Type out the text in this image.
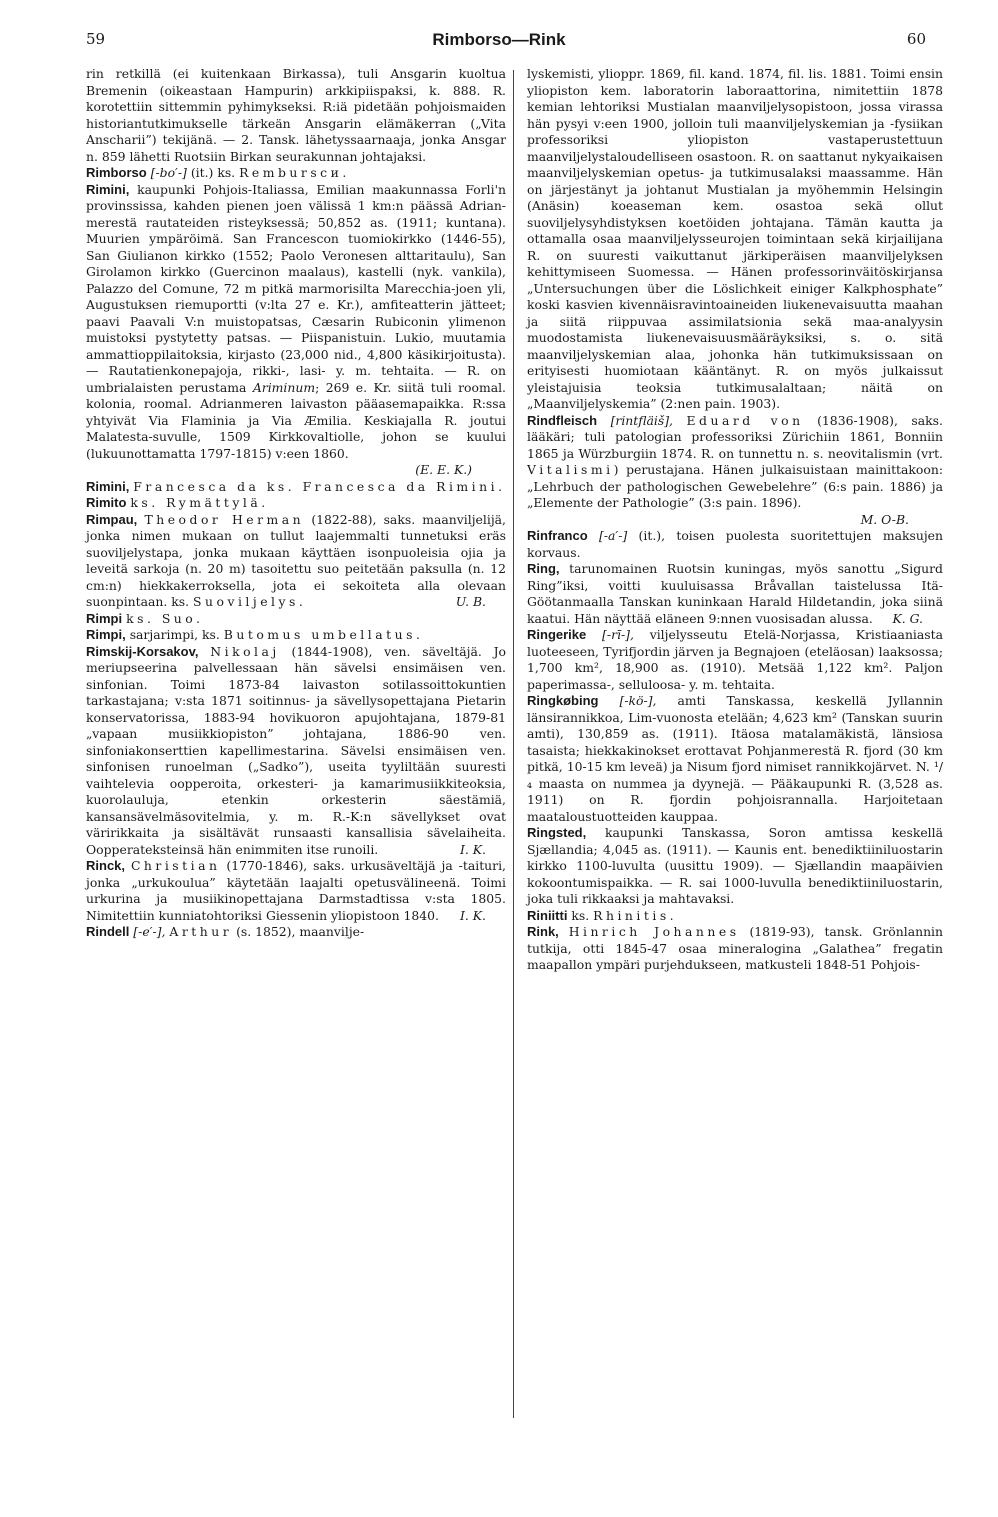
59	Rimborso—Rink	60

rin retkillä (ei kuitenkaan Birkassa), tuli Ansgarin kuoltua Bremenin (oikeastaan Hampurin) arkkipiispaksi, k. 888. R. korotettiin sittemmin pyhimykseksi. R:iä pidetään pohjoismaiden historiantutkimukselle tärkeän Ansgarin elämäkerran („Vita Anscharii”) tekijänä. — 2. Tansk. lähetyssaarnaaja, jonka Ansgar n. 859 lähetti Ruotsiin Birkan seurakunnan johtajaksi.

Rimborso [-bo′-] (it.) ks. Rembursси.

Rimini, kaupunki Pohjois-Italiassa, Emilian maakunnassa Forli'n provinssissa, kahden pienen joen välissä 1 km:n päässä Adrian-merestä rautateiden risteyksessä; 50,852 as. (1911; kuntana). Muurien ympäröimä. San Francescon tuomiokirkko (1446-55), San Giulianon kirkko (1552; Paolo Veronesen alttaritaulu), San Girolamon kirkko (Guercinon maalaus), kastelli (nyk. vankila), Palazzo del Comune, 72 m pitkä marmorisilta Marecchia-joen yli, Augustuksen riemuportti (v:lta 27 e. Kr.), amfiteatterin jätteet; paavi Paavali V:n muistopatsas, Cæsarin Rubiconin ylimenon muistoksi pystytetty patsas. — Piispanistuin. Lukio, muutamia ammattioppilaitoksia, kirjasto (23,000 nid., 4,800 käsikirjoitusta). — Rautatienkonepajoja, rikki-, lasi- y. m. tehtaita. — R. on umbrialaisten perustama Ariminum; 269 e. Kr. siitä tuli roomal. kolonia, roomal. Adrianmeren laivaston pääasemapaikka. R:ssa yhtyivät Via Flaminia ja Via Æmilia. Keskiajalla R. joutui Malatesta-suvulle, 1509 Kirkkovaltiolle, johon se kuului (lukuunottamatta 1797-1815) v:een 1860.
(E. E. K.)

Rimini, Francesca da ks. Francesca da Rimini.

Rimito ks. Rymättylä.

Rimpau, Theodor Herman (1822-88), saks. maanviljelijä, jonka nimen mukaan on tullut laajemmalti tunnetuksi eräs suoviljelystapa, jonka mukaan käyttäen isonpuoleisia ojia ja leveitä sarkoja (n. 20 m) tasoitettu suo peitetään paksulla (n. 12 cm:n) hiekkakerroksella, jota ei sekoiteta alla olevaan suonpintaan. ks. Suoviljelys.	U. B.

Rimpi ks. Suo.

Rimpi, sarjarimpi, ks. Butomus umbellatus.

Rimskij-Korsakov, Nikolaj (1844-1908), ven. säveltäjä. Jo meriupseerina palvellessaan hän sävelsi ensimäisen ven. sinfonian. Toimi 1873-84 laivaston sotilassoittokuntien tarkastajana; v:sta 1871 soitinnus- ja sävellysopettajana Pietarin konservatorissa, 1883-94 hovikuoron apujohtajana, 1879-81 „vapaan musiikkiopiston” johtajana, 1886-90 ven. sinfoniakonserttien kapellimestarina. Sävelsi ensimäisen ven. sinfonisen runoelman („Sadko”), useita tyyliltään suuresti vaihtelevia oopperoita, orkesteri- ja kamarimusiikkiteoksia, kuorolauluja, etenkin orkesterin säestämiä, kansansävelmäsovitelmia, y. m. R.-K:n sävellykset ovat väririkkaita ja sisältävät runsaasti kansallisia sävelaiheita. Oopperateksteinsä hän enimmiten itse runoili.	I. K.

Rinck, Christian (1770-1846), saks. urkusäveltäjä ja -taituri, jonka „urkukoulua” käytetään laajalti opetusvälineenä. Toimi urkurina ja musiikinopettajana Darmstadtissa v:sta 1805. Nimitettiin kunniatohtoriksi Giessenin yliopistoon 1840. I. K.

Rindell [-e′-], Arthur (s. 1852), maanvilje-

lyskemisti, ylioppr. 1869, fil. kand. 1874, fil. lis. 1881. Toimi ensin yliopiston kem. laboratorin laboraattorina, nimitettiin 1878 kemian lehtoriksi Mustialan maanviljelysopistoon, jossa virassa hän pysyi v:een 1900, jolloin tuli maanviljelyskemian ja -fysiikan professoriksi yliopiston vastaperustettuun maanviljelystaloudelliseen osastoon. R. on saattanut nykyaikaisen maanviljelyskemian opetus- ja tutkimusalaksi maassamme. Hän on järjestänyt ja johtanut Mustialan ja myöhemmin Helsingin (Anäsin) koeaseman kem. osastoa sekä ollut suoviljelysyhdistyksen koetöiden johtajana. Tämän kautta ja ottamalla osaa maanviljelysseurojen toimintaan sekä kirjailijana R. on suuresti vaikuttanut järkiperäisen maanviljelyksen kehittymiseen Suomessa. — Hänen professorinväitöskirjansa „Untersuchungen über die Löslichkeit einiger Kalkphosphate” koski kasvien kivennäisravintoaineiden liukenevaisuutta maahan ja siitä riippuvaa assimilatsionia sekä maa-analyysin muodostamista liukenevaisuusmääräyksiksi, s. o. sitä maanviljelyskemian alaa, johonka hän tutkimuksissaan on erityisesti huomiotaan kääntänyt. R. on myös julkaissut yleistajuisia teoksia tutkimusalaltaan; näitä on „Maanviljelyskemia” (2:nen pain. 1903).

Rindfleisch [rintfläiš], Eduard von (1836-1908), saks. lääkäri; tuli patologian professoriksi Zürichiin 1861, Bonniin 1865 ja Würzburgiin 1874. R. on tunnettu n. s. neovitalismin (vrt. Vitalismi) perustajana. Hänen julkaisuistaan mainittakoon: „Lehrbuch der pathologischen Gewebelehre” (6:s pain. 1886) ja „Elemente der Pathologie” (3:s pain. 1896).
M. O-B.

Rinfranco [-a′-] (it.), toisen puolesta suoritettujen maksujen korvaus.

Ring, tarunomainen Ruotsin kuningas, myös sanottu „Sigurd Ring”iksi, voitti kuuluisassa Bråvallan taistelussa Itä-Göötanmaalla Tanskan kuninkaan Harald Hildetandin, joka siinä kaatui. Hän näyttää eläneen 9:nnen vuosisadan alussa. K. G.

Ringerike [-rī-], viljelysseutu Etelä-Norjassa, Kristiaaniasta luoteeseen, Tyrifjordin järven ja Begnajoen (eteläosan) laaksossa; 1,700 km², 18,900 as. (1910). Metsää 1,122 km². Paljon paperimassa-, selluloosa- y. m. tehtaita.

Ringkøbing [-kö-], amti Tanskassa, keskellä Jyllannin länsirannikkoa, Lim-vuonosta etelään; 4,623 km² (Tanskan suurin amti), 130,859 as. (1911). Itäosa matalamäkistä, länsiosa tasaista; hiekkakinokset erottavat Pohjanmerestä R. fjord (30 km pitkä, 10-15 km leveä) ja Nisum fjord nimiset rannikkojärvet. N. ¹/₄ maasta on nummea ja dyynejä. — Pääkaupunki R. (3,528 as. 1911) on R. fjordin pohjoisrannalla. Harjoitetaan maataloustuotteiden kauppaa.

Ringsted, kaupunki Tanskassa, Soron amtissa keskellä Sjællandia; 4,045 as. (1911). — Kaunis ent. benediktiiniluostarin kirkko 1100-luvulta (uusittu 1909). — Sjællandin maapäivien kokoontumispaikka. — R. sai 1000-luvulla benediktiiniluostarin, joka tuli rikkaaksi ja mahtavaksi.

Riniitti ks. Rhinitis.

Rink, Hinrich Johannes (1819-93), tansk. Grönlannin tutkija, otti 1845-47 osaa mineralogina „Galathea” fregatin maapallon ympäri purjehdukseen, matkusteli 1848-51 Pohjois-
